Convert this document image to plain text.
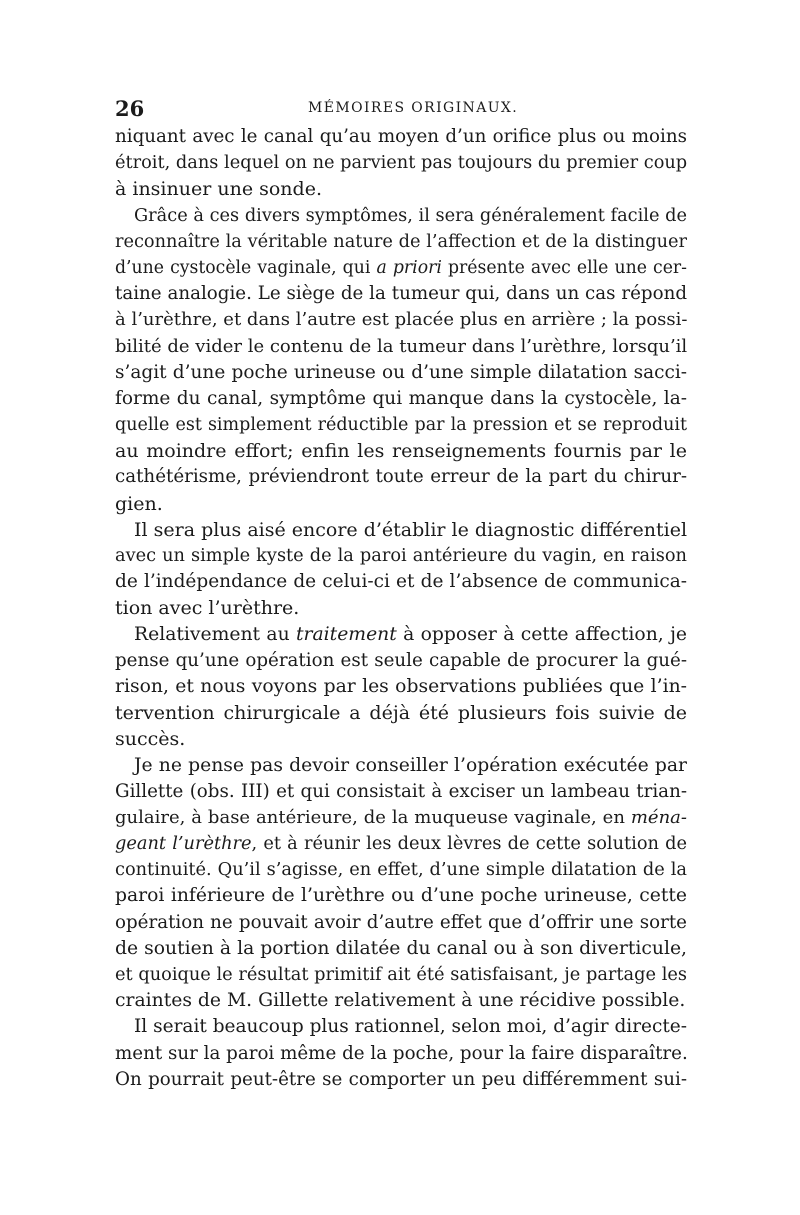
26	MÉMOIRES ORIGINAUX.
niquant avec le canal qu’au moyen d’un orifice plus ou moins
étroit, dans lequel on ne parvient pas toujours du premier coup
à insinuer une sonde.
Grâce à ces divers symptômes, il sera généralement facile de
reconnaître la véritable nature de l’affection et de la distinguer
d’une cystocèle vaginale, qui a priori présente avec elle une cer-
taine analogie. Le siège de la tumeur qui, dans un cas répond
à l’urèthre, et dans l’autre est placée plus en arrière ; la possi-
bilité de vider le contenu de la tumeur dans l’urèthre, lorsqu’il
s’agit d’une poche urineuse ou d’une simple dilatation sacci-
forme du canal, symptôme qui manque dans la cystocèle, la-
quelle est simplement réductible par la pression et se reproduit
au moindre effort; enfin les renseignements fournis par le
cathétérisme, préviendront toute erreur de la part du chirur-
gien.
Il sera plus aisé encore d’établir le diagnostic différentiel
avec un simple kyste de la paroi antérieure du vagin, en raison
de l’indépendance de celui-ci et de l’absence de communica-
tion avec l’urèthre.
Relativement au traitement à opposer à cette affection, je
pense qu’une opération est seule capable de procurer la gué-
rison, et nous voyons par les observations publiées que l’in-
tervention chirurgicale a déjà été plusieurs fois suivie de
succès.
Je ne pense pas devoir conseiller l’opération exécutée par
Gillette (obs. III) et qui consistait à exciser un lambeau trian-
gulaire, à base antérieure, de la muqueuse vaginale, en ména-
geant l’urèthre, et à réunir les deux lèvres de cette solution de
continuité. Qu’il s’agisse, en effet, d’une simple dilatation de la
paroi inférieure de l’urèthre ou d’une poche urineuse, cette
opération ne pouvait avoir d’autre effet que d’offrir une sorte
de soutien à la portion dilatée du canal ou à son diverticule,
et quoique le résultat primitif ait été satisfaisant, je partage les
craintes de M. Gillette relativement à une récidive possible.
Il serait beaucoup plus rationnel, selon moi, d’agir directe-
ment sur la paroi même de la poche, pour la faire disparaître.
On pourrait peut-être se comporter un peu différemment sui-
